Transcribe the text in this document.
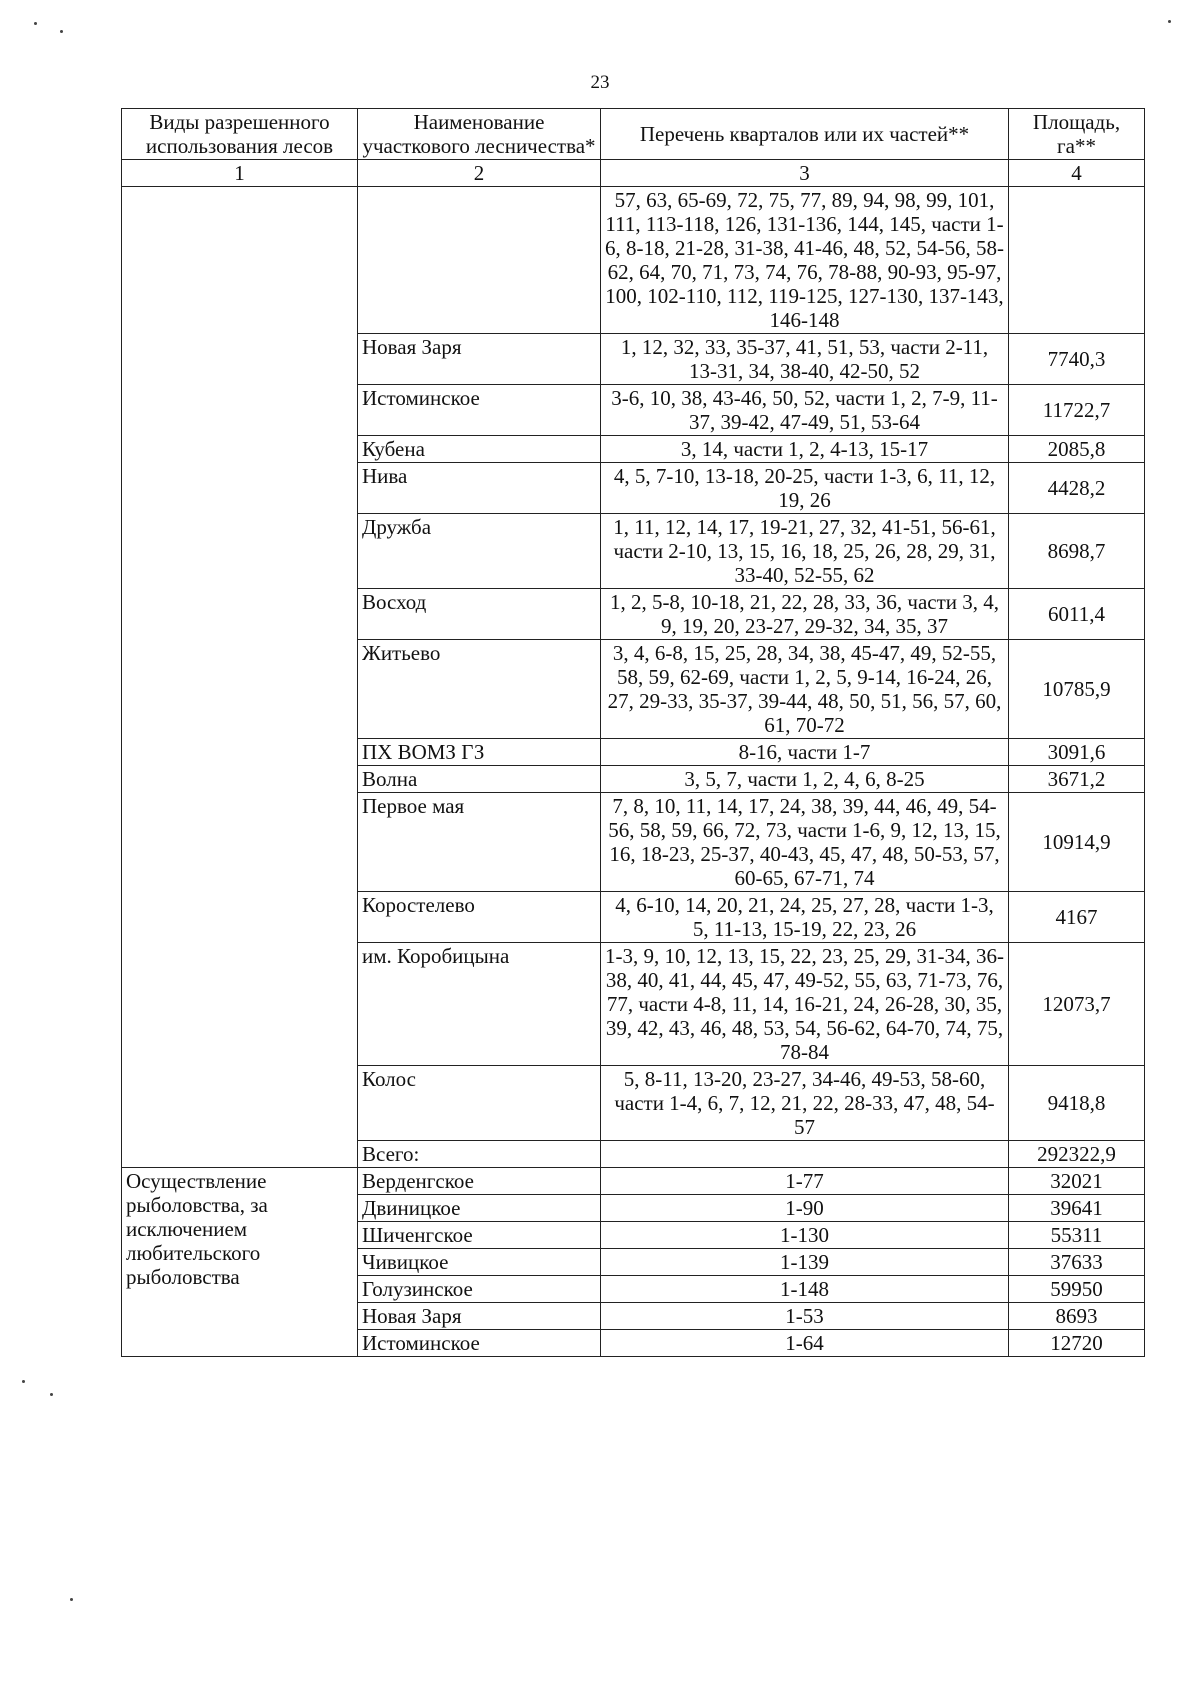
23
Виды разрешенного использования лесов	Наименование участкового лесничества*	Перечень кварталов или их частей**	Площадь, га**
1	2	3	4
		57, 63, 65-69, 72, 75, 77, 89, 94, 98, 99, 101, 111, 113-118, 126, 131-136, 144, 145, части 1-6, 8-18, 21-28, 31-38, 41-46, 48, 52, 54-56, 58-62, 64, 70, 71, 73, 74, 76, 78-88, 90-93, 95-97, 100, 102-110, 112, 119-125, 127-130, 137-143, 146-148	
	Новая Заря	1, 12, 32, 33, 35-37, 41, 51, 53, части 2-11, 13-31, 34, 38-40, 42-50, 52	7740,3
	Истоминское	3-6, 10, 38, 43-46, 50, 52, части 1, 2, 7-9, 11-37, 39-42, 47-49, 51, 53-64	11722,7
	Кубена	3, 14, части 1, 2, 4-13, 15-17	2085,8
	Нива	4, 5, 7-10, 13-18, 20-25, части 1-3, 6, 11, 12, 19, 26	4428,2
	Дружба	1, 11, 12, 14, 17, 19-21, 27, 32, 41-51, 56-61, части 2-10, 13, 15, 16, 18, 25, 26, 28, 29, 31, 33-40, 52-55, 62	8698,7
	Восход	1, 2, 5-8, 10-18, 21, 22, 28, 33, 36, части 3, 4, 9, 19, 20, 23-27, 29-32, 34, 35, 37	6011,4
	Житьево	3, 4, 6-8, 15, 25, 28, 34, 38, 45-47, 49, 52-55, 58, 59, 62-69, части 1, 2, 5, 9-14, 16-24, 26, 27, 29-33, 35-37, 39-44, 48, 50, 51, 56, 57, 60, 61, 70-72	10785,9
	ПХ ВОМЗ ГЗ	8-16, части 1-7	3091,6
	Волна	3, 5, 7, части 1, 2, 4, 6, 8-25	3671,2
	Первое мая	7, 8, 10, 11, 14, 17, 24, 38, 39, 44, 46, 49, 54-56, 58, 59, 66, 72, 73, части 1-6, 9, 12, 13, 15, 16, 18-23, 25-37, 40-43, 45, 47, 48, 50-53, 57, 60-65, 67-71, 74	10914,9
	Коростелево	4, 6-10, 14, 20, 21, 24, 25, 27, 28, части 1-3, 5, 11-13, 15-19, 22, 23, 26	4167
	им. Коробицына	1-3, 9, 10, 12, 13, 15, 22, 23, 25, 29, 31-34, 36-38, 40, 41, 44, 45, 47, 49-52, 55, 63, 71-73, 76, 77, части 4-8, 11, 14, 16-21, 24, 26-28, 30, 35, 39, 42, 43, 46, 48, 53, 54, 56-62, 64-70, 74, 75, 78-84	12073,7
	Колос	5, 8-11, 13-20, 23-27, 34-46, 49-53, 58-60, части 1-4, 6, 7, 12, 21, 22, 28-33, 47, 48, 54-57	9418,8
	Всего:		292322,9
Осуществление рыболовства, за исключением любительского рыболовства	Верденгское	1-77	32021
	Двиницкое	1-90	39641
	Шиченгское	1-130	55311
	Чивицкое	1-139	37633
	Голузинское	1-148	59950
	Новая Заря	1-53	8693
	Истоминское	1-64	12720
